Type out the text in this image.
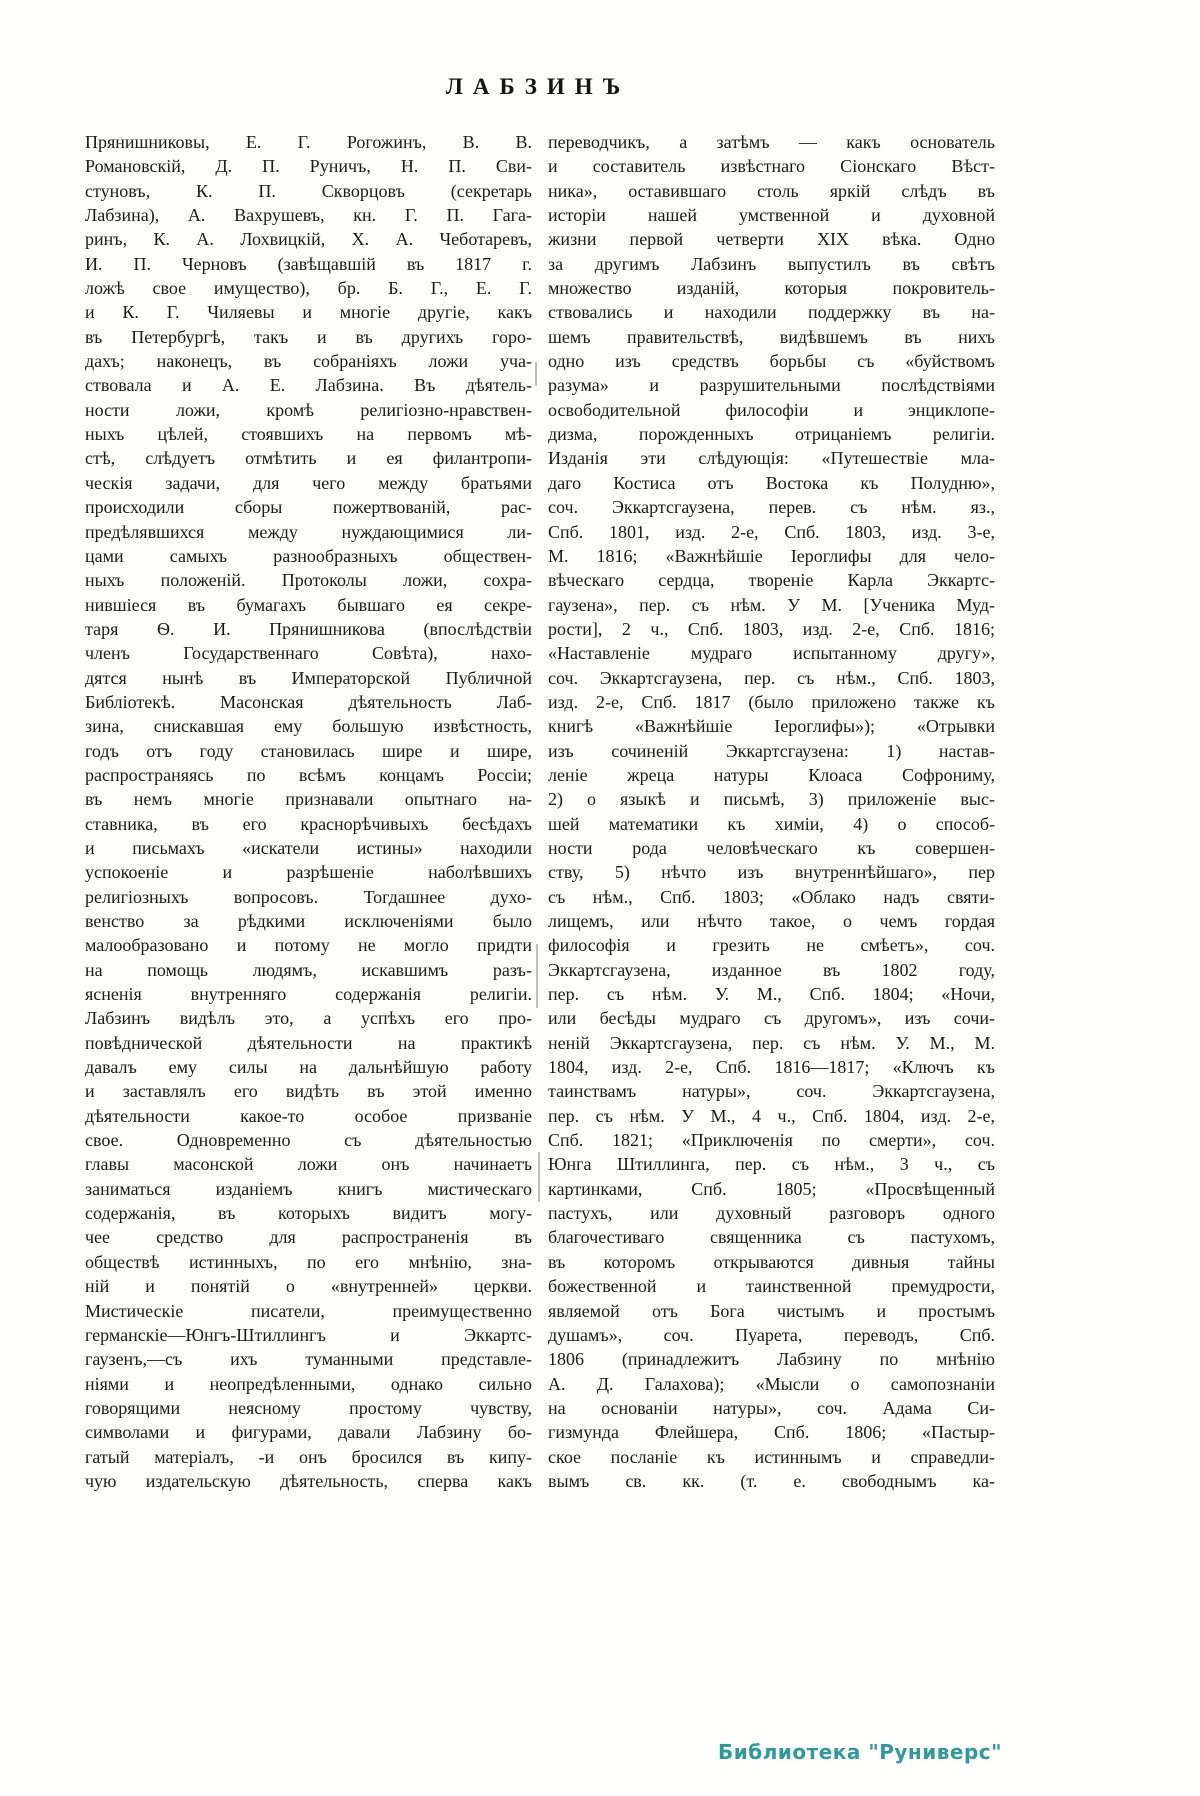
ЛАБЗИНЪ
Прянишниковы, Е. Г. Рогожинъ, В. В.
Романовскій, Д. П. Руничъ, Н. П. Сви-
стуновъ, К. П. Скворцовъ (секретарь
Лабзина), А. Вахрушевъ, кн. Г. П. Гага-
ринъ, К. А. Лохвицкій, Х. А. Чеботаревъ,
И. П. Черновъ (завѣщавшій въ 1817 г.
ложѣ свое имущество), бр. Б. Г., Е. Г.
и К. Г. Чиляевы и многіе другіе, какъ
въ Петербургѣ, такъ и въ другихъ горо-
дахъ; наконецъ, въ собраніяхъ ложи уча-
ствовала и А. Е. Лабзина. Въ дѣятель-
ности ложи, кромѣ религіозно-нравствен-
ныхъ цѣлей, стоявшихъ на первомъ мѣ-
стѣ, слѣдуетъ отмѣтить и ея филантропи-
ческія задачи, для чего между братьями
происходили сборы пожертвованій, рас-
предѣлявшихся между нуждающимися ли-
цами самыхъ разнообразныхъ обществен-
ныхъ положеній. Протоколы ложи, сохра-
нившіеся въ бумагахъ бывшаго ея секре-
таря Ѳ. И. Прянишникова (впослѣдствіи
членъ Государственнаго Совѣта), нахо-
дятся нынѣ въ Императорской Публичной
Библіотекѣ. Масонская дѣятельность Лаб-
зина, снискавшая ему большую извѣстность,
годъ отъ году становилась шире и шире,
распространяясь по всѣмъ концамъ Россіи;
въ немъ многіе признавали опытнаго на-
ставника, въ его краснорѣчивыхъ бесѣдахъ
и письмахъ «искатели истины» находили
успокоеніе и разрѣшеніе наболѣвшихъ
религіозныхъ вопросовъ. Тогдашнее духо-
венство за рѣдкими исключеніями было
малообразовано и потому не могло придти
на помощь людямъ, искавшимъ разъ-
ясненія внутренняго содержанія религіи.
Лабзинъ видѣлъ это, а успѣхъ его про-
повѣднической дѣятельности на практикѣ
давалъ ему силы на дальнѣйшую работу
и заставлялъ его видѣть въ этой именно
дѣятельности какое-то особое призваніе
свое. Одновременно съ дѣятельностью
главы масонской ложи онъ начинаетъ
заниматься изданіемъ книгъ мистическаго
содержанія, въ которыхъ видитъ могу-
чее средство для распространенія въ
обществѣ истинныхъ, по его мнѣнію, зна-
ній и понятій о «внутренней» церкви.
Мистическіе писатели, преимущественно
германскіе—Юнгъ-Штиллингъ и Эккартс-
гаузенъ,—съ ихъ туманными представле-
ніями и неопредѣленными, однако сильно
говорящими неясному простому чувству,
символами и фигурами, давали Лабзину бо-
гатый матеріалъ, -и онъ бросился въ кипу-
чую издательскую дѣятельность, сперва какъ
переводчикъ, а затѣмъ — какъ основатель
и составитель извѣстнаго Сіонскаго Вѣст-
ника», оставившаго столь яркій слѣдъ въ
исторіи нашей умственной и духовной
жизни первой четверти XIX вѣка. Одно
за другимъ Лабзинъ выпустилъ въ свѣтъ
множество изданій, которыя покровитель-
ствовались и находили поддержку въ на-
шемъ правительствѣ, видѣвшемъ въ нихъ
одно изъ средствъ борьбы съ «буйствомъ
разума» и разрушительными послѣдствіями
освободительной философіи и энциклопе-
дизма, порожденныхъ отрицаніемъ религіи.
Изданія эти слѣдующія: «Путешествіе мла-
даго Костиса отъ Востока къ Полудню»,
соч. Эккартсгаузена, перев. съ нѣм. яз.,
Спб. 1801, изд. 2-е, Спб. 1803, изд. 3-е,
М. 1816; «Важнѣйшіе Іероглифы для чело-
вѣческаго сердца, твореніе Карла Эккартс-
гаузена», пер. съ нѣм. У М. [Ученика Муд-
рости], 2 ч., Спб. 1803, изд. 2-е, Спб. 1816;
«Наставленіе мудраго испытанному другу»,
соч. Эккартсгаузена, пер. съ нѣм., Спб. 1803,
изд. 2-е, Спб. 1817 (было приложено также къ
книгѣ «Важнѣйшіе Іероглифы»); «Отрывки
изъ сочиненій Эккартсгаузена: 1) настав-
леніе жреца натуры Клоаса Софрониму,
2) о языкѣ и письмѣ, 3) приложеніе выс-
шей математики къ химіи, 4) о способ-
ности рода человѣческаго къ совершен-
ству, 5) нѣчто изъ внутреннѣйшаго», пер
съ нѣм., Спб. 1803; «Облако надъ святи-
лищемъ, или нѣчто такое, о чемъ гордая
философія и грезить не смѣетъ», соч.
Эккартсгаузена, изданное въ 1802 году,
пер. съ нѣм. У. М., Спб. 1804; «Ночи,
или бесѣды мудраго съ другомъ», изъ сочи-
неній Эккартсгаузена, пер. съ нѣм. У. М., М.
1804, изд. 2-е, Спб. 1816—1817; «Ключъ къ
таинствамъ натуры», соч. Эккартсгаузена,
пер. съ нѣм. У М., 4 ч., Спб. 1804, изд. 2-е,
Спб. 1821; «Приключенія по смерти», соч.
Юнга Штиллинга, пер. съ нѣм., 3 ч., съ
картинками, Спб. 1805; «Просвѣщенный
пастухъ, или духовный разговоръ одного
благочестиваго священника съ пастухомъ,
въ которомъ открываются дивныя тайны
божественной и таинственной премудрости,
являемой отъ Бога чистымъ и простымъ
душамъ», соч. Пуарета, переводъ, Спб.
1806 (принадлежитъ Лабзину по мнѣнію
А. Д. Галахова); «Мысли о самопознаніи
на основаніи натуры», соч. Адама Си-
гизмунда Флейшера, Спб. 1806; «Пастыр-
ское посланіе къ истиннымъ и справедли-
вымъ св. кк. (т. е. свободнымъ ка-
Библиотека "Руниверс"
